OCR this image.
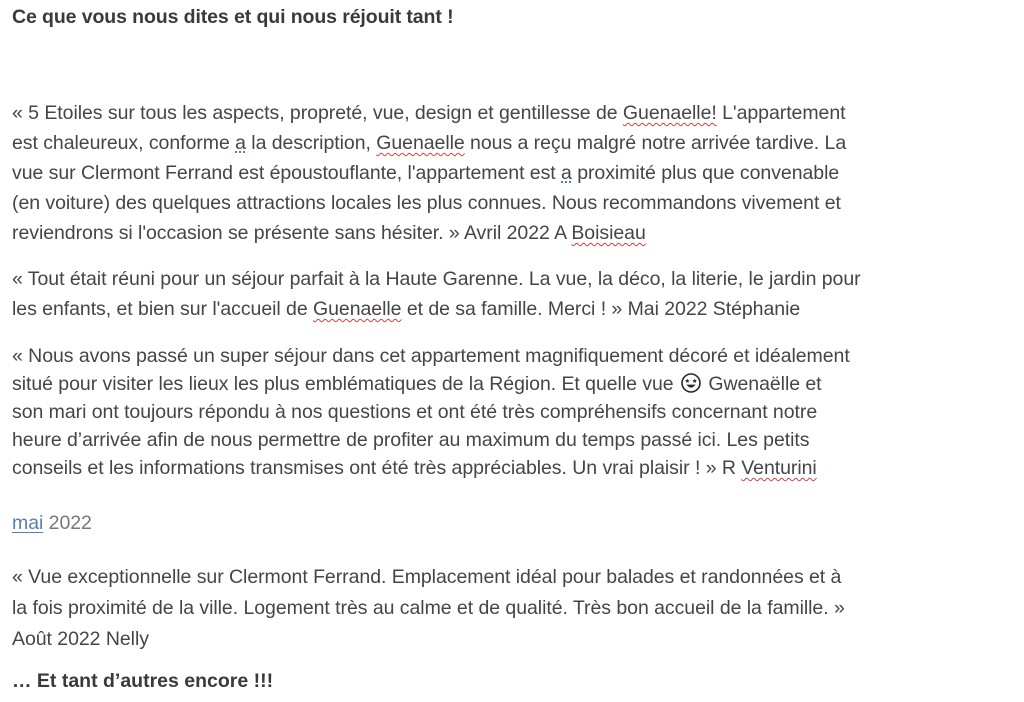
Ce que vous nous dites et qui nous réjouit tant !
« 5 Etoiles sur tous les aspects, propreté, vue, design et gentillesse de Guenaelle! L'appartement
est chaleureux, conforme a la description, Guenaelle nous a reçu malgré notre arrivée tardive. La
vue sur Clermont Ferrand est époustouflante, l'appartement est a proximité plus que convenable
(en voiture) des quelques attractions locales les plus connues. Nous recommandons vivement et
reviendrons si l'occasion se présente sans hésiter. » Avril 2022 A Boisieau
« Tout était réuni pour un séjour parfait à la Haute Garenne. La vue, la déco, la literie, le jardin pour
les enfants, et bien sur l'accueil de Guenaelle et de sa famille. Merci ! » Mai 2022 Stéphanie
« Nous avons passé un super séjour dans cet appartement magnifiquement décoré et idéalement
situé pour visiter les lieux les plus emblématiques de la Région. Et quelle vue Gwenaëlle et
son mari ont toujours répondu à nos questions et ont été très compréhensifs concernant notre
heure d’arrivée afin de nous permettre de profiter au maximum du temps passé ici. Les petits
conseils et les informations transmises ont été très appréciables. Un vrai plaisir ! » R Venturini
mai 2022
« Vue exceptionnelle sur Clermont Ferrand. Emplacement idéal pour balades et randonnées et à
la fois proximité de la ville. Logement très au calme et de qualité. Très bon accueil de la famille. »
Août 2022 Nelly
… Et tant d’autres encore !!!
